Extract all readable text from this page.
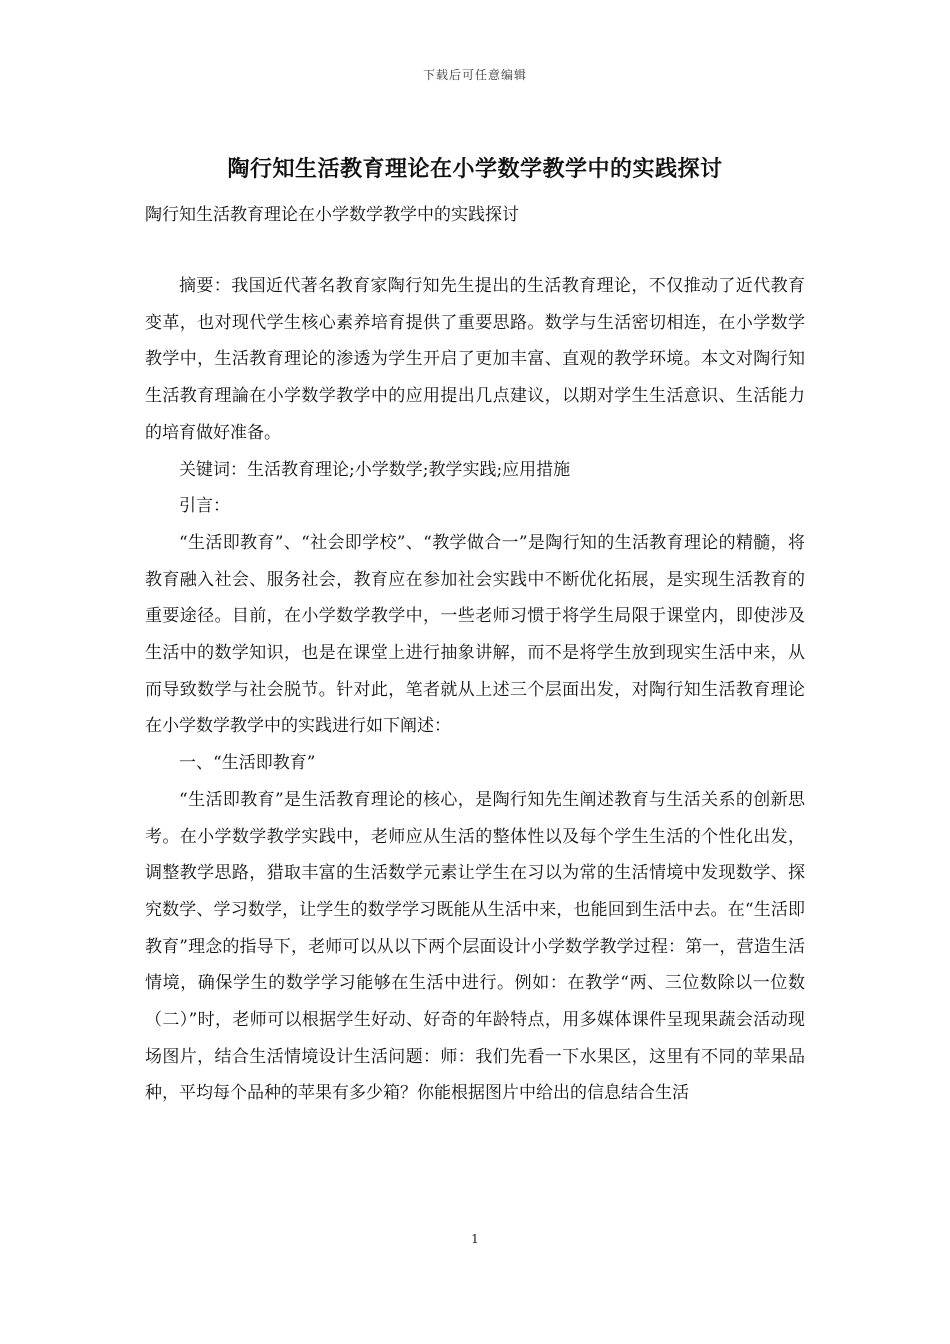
下载后可任意编辑
陶行知生活教育理论在小学数学教学中的实践探讨
陶行知生活教育理论在小学数学教学中的实践探讨

摘要：我国近代著名教育家陶行知先生提出的生活教育理论，不仅推动了近代教育变革，也对现代学生核心素养培育提供了重要思路。数学与生活密切相连，在小学数学教学中，生活教育理论的渗透为学生开启了更加丰富、直观的教学环境。本文对陶行知生活教育理論在小学数学教学中的应用提出几点建议，以期对学生生活意识、生活能力的培育做好准备。

关键词：生活教育理论;小学数学;教学实践;应用措施

引言：

“生活即教育”、“社会即学校”、“教学做合一”是陶行知的生活教育理论的精髓，将教育融入社会、服务社会，教育应在参加社会实践中不断优化拓展，是实现生活教育的重要途径。目前，在小学数学教学中，一些老师习惯于将学生局限于课堂内，即使涉及生活中的数学知识，也是在课堂上进行抽象讲解，而不是将学生放到现实生活中来，从而导致数学与社会脱节。针对此，笔者就从上述三个层面出发，对陶行知生活教育理论在小学数学教学中的实践进行如下阐述：

一、“生活即教育”

“生活即教育”是生活教育理论的核心，是陶行知先生阐述教育与生活关系的创新思考。在小学数学教学实践中，老师应从生活的整体性以及每个学生生活的个性化出发，调整教学思路，猎取丰富的生活数学元素让学生在习以为常的生活情境中发现数学、探究数学、学习数学，让学生的数学学习既能从生活中来，也能回到生活中去。在“生活即教育”理念的指导下，老师可以从以下两个层面设计小学数学教学过程：第一，营造生活情境，确保学生的数学学习能够在生活中进行。例如：在教学“两、三位数除以一位数（二）”时，老师可以根据学生好动、好奇的年龄特点，用多媒体课件呈现果蔬会活动现场图片，结合生活情境设计生活问题：师：我们先看一下水果区，这里有不同的苹果品种，平均每个品种的苹果有多少箱？你能根据图片中给出的信息结合生活

1
